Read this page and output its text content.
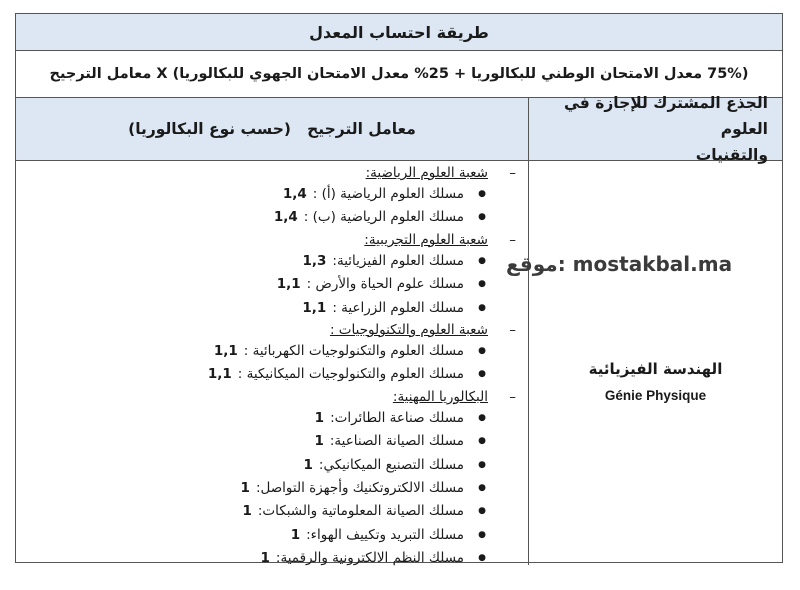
طريقة احتساب المعدل
(75% معدل الامتحان الوطني للبكالوريا + 25% معدل الامتحان الجهوي للبكالوريا) X معامل الترجيح
الجذع المشترك للإجازة في العلوم
والتقنيات
معامل الترجيح   (حسب نوع البكالوريا)
الهندسة الفيزيائية
Génie Physique
–
شعبة العلوم الرياضية:
● مسلك العلوم الرياضية (أ) :1,4
● مسلك العلوم الرياضية (ب) :1,4
–
شعبة العلوم التجريبية:
● مسلك العلوم الفيزيائية:1,3
● مسلك علوم الحياة والأرض :1,1
● مسلك العلوم الزراعية :1,1
–
شعبة العلوم والتكنولوجيات :
● مسلك العلوم والتكنولوجيات الكهربائية :1,1
● مسلك العلوم والتكنولوجيات الميكانيكية :1,1
–
البكالوريا المهنية:
● مسلك صناعة الطائرات:1
● مسلك الصيانة الصناعية:1
● مسلك التصنيع الميكانيكي:1
● مسلك الالكتروتكنيك وأجهزة التواصل:1
● مسلك الصيانة المعلوماتية والشبكات:1
● مسلك التبريد وتكييف الهواء:1
● مسلك النظم الالكترونية والرقمية:1
موقع: mostakbal.ma
